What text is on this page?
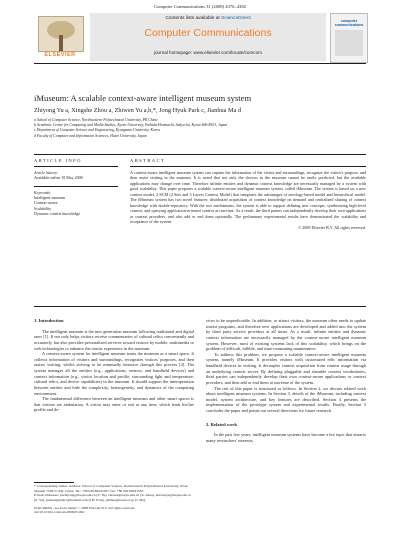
Computer Communications 31 (2008) 4376–4382
ELSEVIER
Contents lists available at ScienceDirect
Computer Communications
journal homepage: www.elsevier.com/locate/comcom
computer communications
iMuseum: A scalable context-aware intelligent museum system
Zhiyong Yu a, Xingshe Zhou a, Zhiwen Yu a,b,*, Jong Hyuk Park c, Jianhua Ma d
a School of Computer Science, Northwestern Polytechnical University, PR China
b Academic Center for Computing and Media Studies, Kyoto University, Yoshida-Honmachi, Sakyo-ku, Kyoto 606-8501, Japan
c Department of Computer Science and Engineering, Kyungnam University, Korea
d Faculty of Computer and Information Sciences, Hosei University, Japan
ARTICLE INFO	ABSTRACT
Article history:
Available online 18 May 2008
Keywords:
Intelligent museum
Context-aware
Scalability
Dynamic context knowledge
A context-aware intelligent museum system can capture the information of the visitor and surroundings, recognize the visitor's purpose, and then assist visiting in the museum. It is noted that not only the devices in the museum cannot be easily predicted, but the available applications may change over time. Therefore infinite entities and dynamic context knowledge are necessarily managed by a system with good scalability. This paper proposes a scalable context-aware intelligent museum system, called iMuseum. The system is based on a new context model, 2-SCM (2 Sets and 3 Layers Context Model) that integrates the advantages of ontology-based model and hierarchical model. The iMuseum system has two novel features: distributed acquisition of context knowledge on demand and centralized sharing of context knowledge with double-repository. With the two mechanisms, the system is able to support defining new concepts, synthesizing high-level context, and querying application-oriented context at run-time. As a result, the third parties can independently develop their own applications or context providers, and also add or end them optionally. The preliminary experimental results have demonstrated the scalability and acceptance of the system.
© 2008 Elsevier B.V. All rights reserved.
1. Introduction

The intelligent museum is the new generation museum following traditional and digital ones [1]. It not only helps visitors receive commentaries of cultural relics conveniently and accurately, but also provides personalized services toward visitors by mobile, multimedia or web technologies to enhance the tourist experience in the museum.

A context-aware system for intelligent museum treats the museum as a smart space. It collects information of visitors and surroundings, recognizes visitors' purposes, and then assists visiting, whiles striving to be minimally intrusive through this process [2]. The system manages all the entities (e.g., applications, sensors, and handheld devices) and context information (e.g., visitor location and profile, surrounding light and temperature, cultural relics, and device capabilities) in the museum. It should support the interoperation between entities and hide the complexity, heterogeneity, and dynamics of the computing environment.

The fundamental difference between an intelligent museum and other smart spaces is that visitors are ambulatory. A visitor may enter or exit at any time, which leads his/her profile and de-

vices to be unpredictable. In addition, to attract visitors, the museum often needs to update tourist programs, and therefore new applications are developed and added into the system by third party service providers at all times. As a result, infinite entities and dynamic context information are necessarily managed by the context-aware intelligent museum system. However, most of existing systems lack of this scalability, which brings on the problem of difficult, fallible, and time-consuming maintenance.

To address this problem, we propose a scalable context-aware intelligent museum system, namely iMuseum. It provides visitors with customized relic information via handheld devices in visiting. It decouples context acquisition from context usage through an underlying context server. By defining pluggable and sharable context vocabularies, third parties can independently develop their own context-aware applications or context providers, and then add or end them at run-time of the system.

The rest of this paper is structured as follows. In Section 2, we discuss related work about intelligent museum systems. In Section 3, details of the iMuseum, including context model, system architecture, and key features are described. Section 4 presents the implementation of the prototype system and experimental results. Finally, Section 5 concludes the paper and points out several directions for future research.

2. Related work

In the past few years, intelligent museum systems have become a hot topic that attracts many researchers' interests.

* Corresponding author. Address: School of Computer Science, Northwestern Polytechnical University, Xi'an, Shaanxi 710072, P.R. China. Tel.: +86 029 88431587; fax: +86 029 88431587.
E-mail addresses: yuzhiyong@nwpu.edu.cn (Z. Yu), zhouxs@nwpu.edu.cn (X. Zhou), zhiwenyu@nwpu.edu.cn (Z. Yu), parkjonghyuk1@hotmail.com (J.H. Park), jianhua@hosei.ac.jp (J. Ma).
0140-3664/$ - see front matter © 2008 Elsevier B.V. All rights reserved.
doi:10.1016/j.comcom.2008.05.004
